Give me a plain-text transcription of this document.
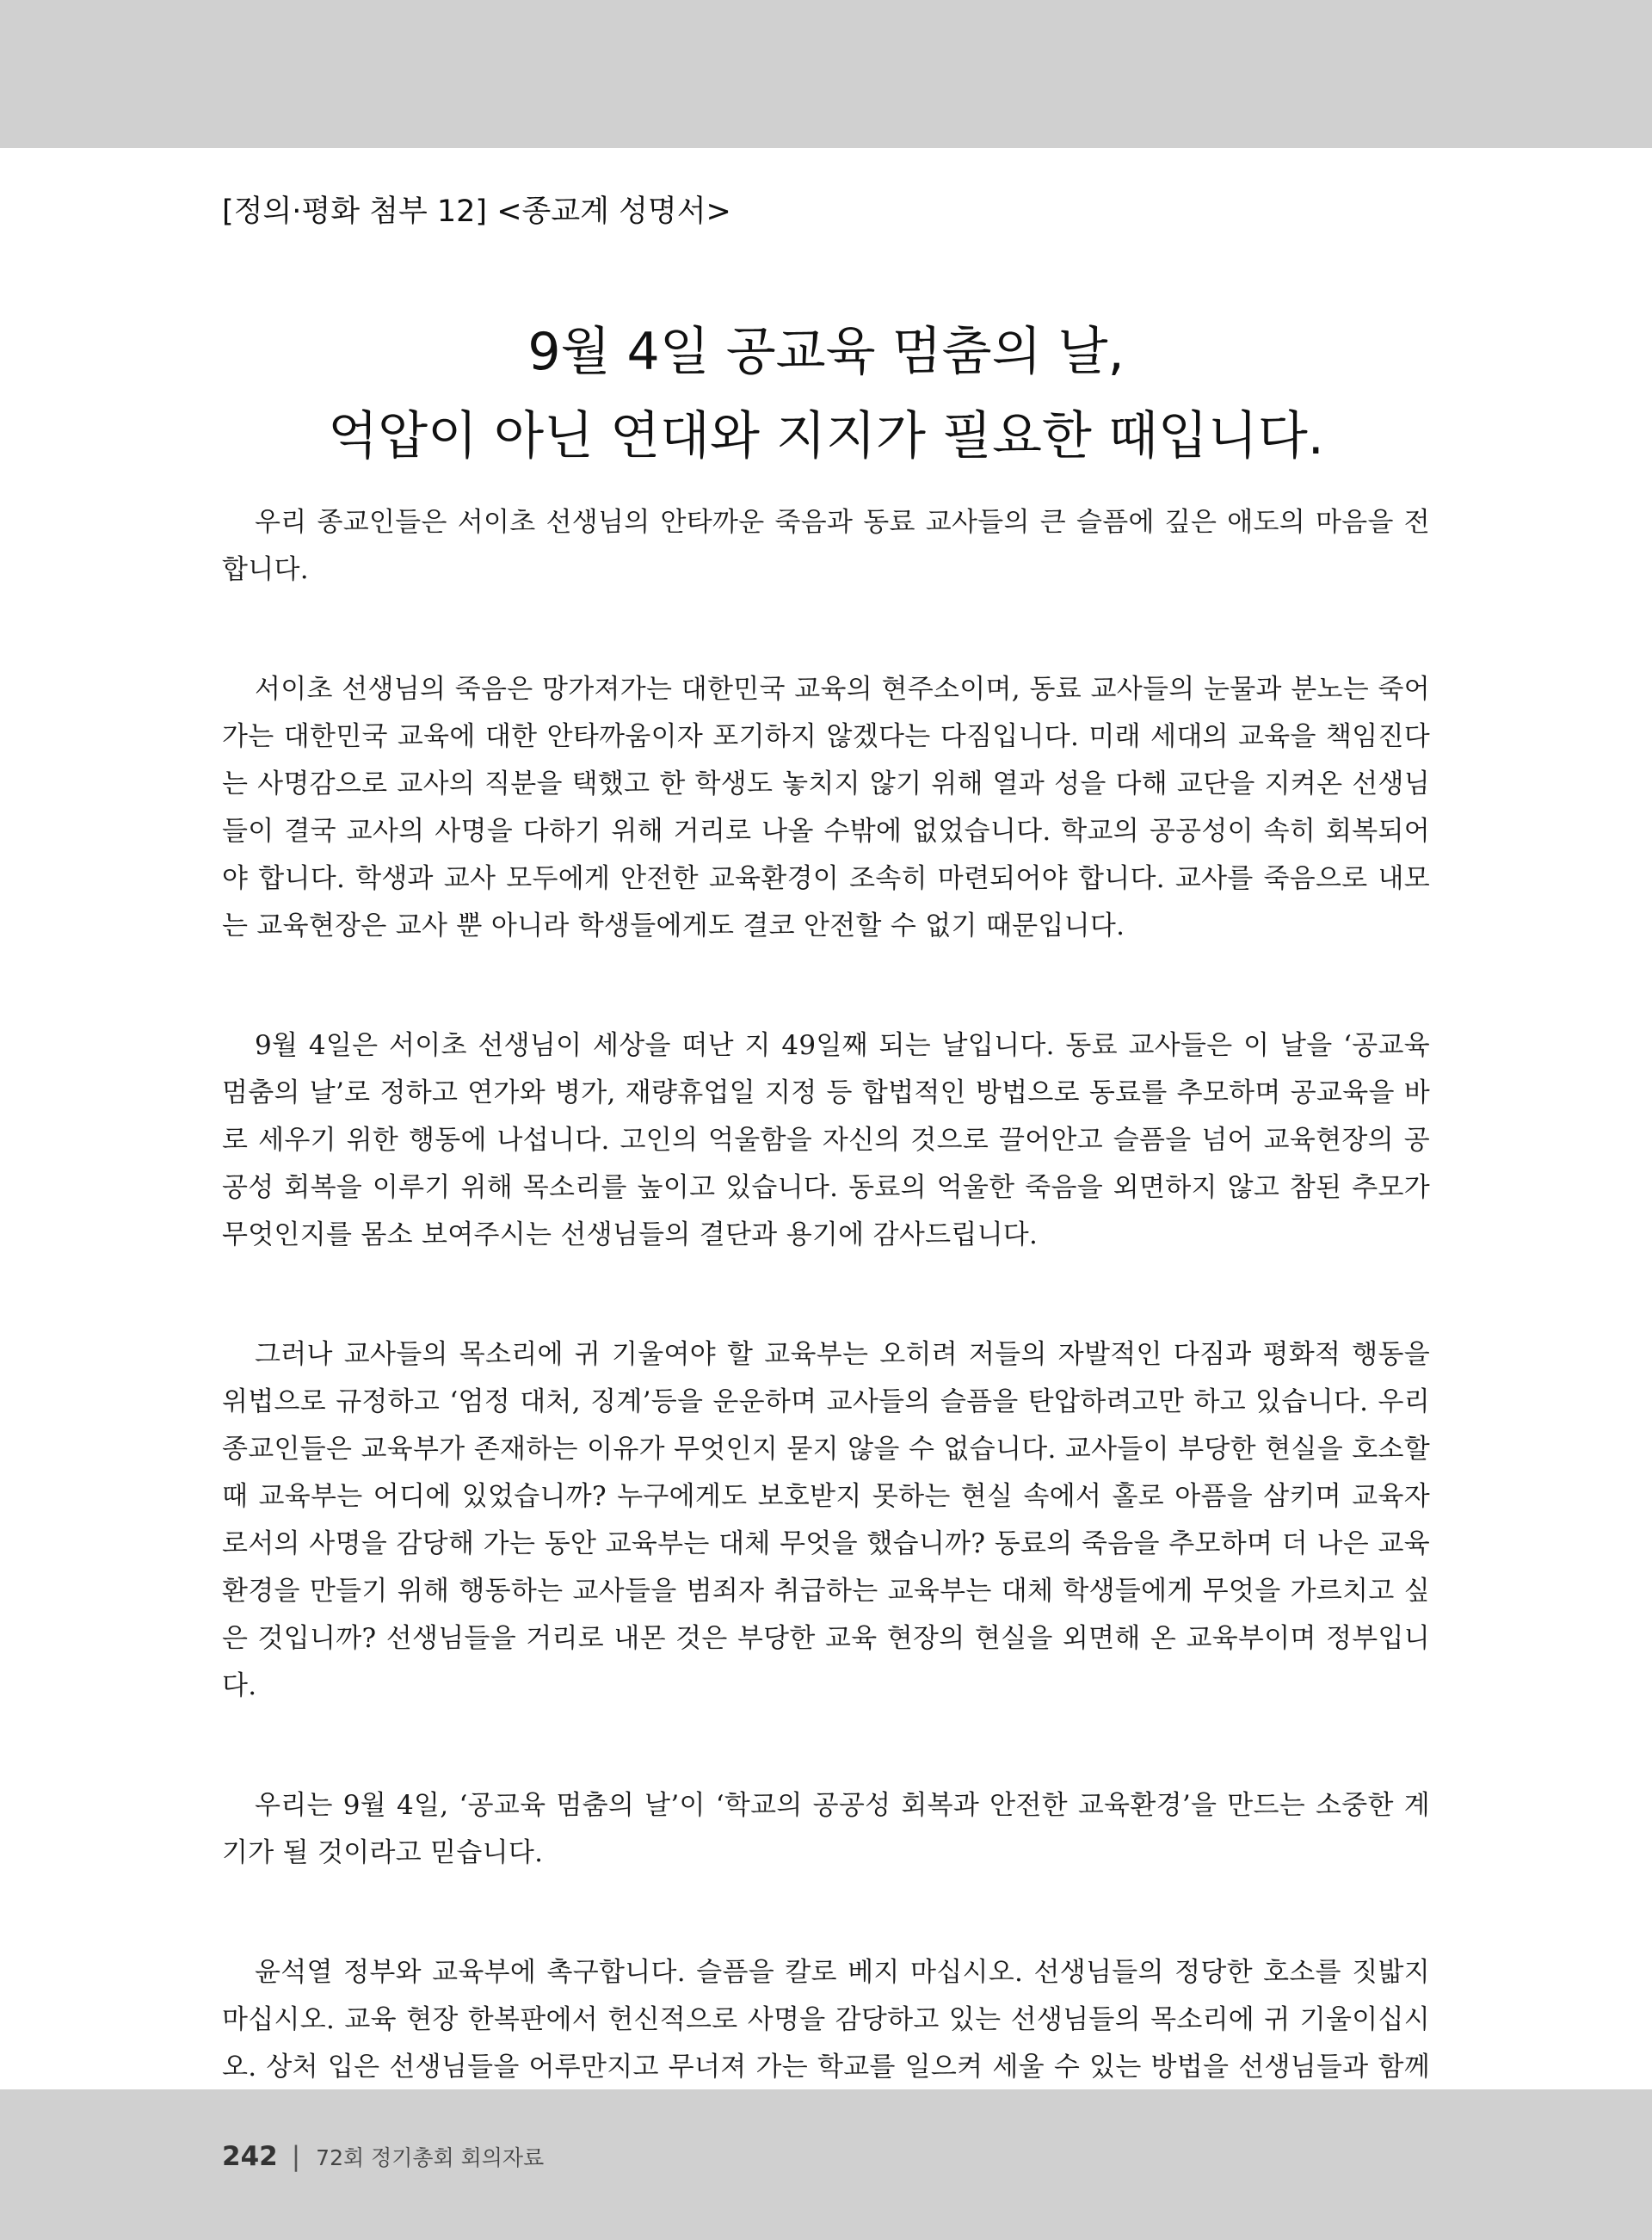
[정의·평화 첨부 12] <종교계 성명서>
9월 4일 공교육 멈춤의 날,
억압이 아닌 연대와 지지가 필요한 때입니다.

우리 종교인들은 서이초 선생님의 안타까운 죽음과 동료 교사들의 큰 슬픔에 깊은 애도의 마음을 전합니다.

서이초 선생님의 죽음은 망가져가는 대한민국 교육의 현주소이며, 동료 교사들의 눈물과 분노는 죽어가는 대한민국 교육에 대한 안타까움이자 포기하지 않겠다는 다짐입니다. 미래 세대의 교육을 책임진다는 사명감으로 교사의 직분을 택했고 한 학생도 놓치지 않기 위해 열과 성을 다해 교단을 지켜온 선생님들이 결국 교사의 사명을 다하기 위해 거리로 나올 수밖에 없었습니다. 학교의 공공성이 속히 회복되어야 합니다. 학생과 교사 모두에게 안전한 교육환경이 조속히 마련되어야 합니다. 교사를 죽음으로 내모는 교육현장은 교사 뿐 아니라 학생들에게도 결코 안전할 수 없기 때문입니다.

9월 4일은 서이초 선생님이 세상을 떠난 지 49일째 되는 날입니다. 동료 교사들은 이 날을 ‘공교육 멈춤의 날’로 정하고 연가와 병가, 재량휴업일 지정 등 합법적인 방법으로 동료를 추모하며 공교육을 바로 세우기 위한 행동에 나섭니다. 고인의 억울함을 자신의 것으로 끌어안고 슬픔을 넘어 교육현장의 공공성 회복을 이루기 위해 목소리를 높이고 있습니다. 동료의 억울한 죽음을 외면하지 않고 참된 추모가 무엇인지를 몸소 보여주시는 선생님들의 결단과 용기에 감사드립니다.

그러나 교사들의 목소리에 귀 기울여야 할 교육부는 오히려 저들의 자발적인 다짐과 평화적 행동을 위법으로 규정하고 ‘엄정 대처, 징계’등을 운운하며 교사들의 슬픔을 탄압하려고만 하고 있습니다. 우리 종교인들은 교육부가 존재하는 이유가 무엇인지 묻지 않을 수 없습니다. 교사들이 부당한 현실을 호소할 때 교육부는 어디에 있었습니까? 누구에게도 보호받지 못하는 현실 속에서 홀로 아픔을 삼키며 교육자로서의 사명을 감당해 가는 동안 교육부는 대체 무엇을 했습니까? 동료의 죽음을 추모하며 더 나은 교육 환경을 만들기 위해 행동하는 교사들을 범죄자 취급하는 교육부는 대체 학생들에게 무엇을 가르치고 싶은 것입니까? 선생님들을 거리로 내몬 것은 부당한 교육 현장의 현실을 외면해 온 교육부이며 정부입니다.

우리는 9월 4일, ‘공교육 멈춤의 날’이 ‘학교의 공공성 회복과 안전한 교육환경’을 만드는 소중한 계기가 될 것이라고 믿습니다.

윤석열 정부와 교육부에 촉구합니다. 슬픔을 칼로 베지 마십시오. 선생님들의 정당한 호소를 짓밟지 마십시오. 교육 현장 한복판에서 헌신적으로 사명을 감당하고 있는 선생님들의 목소리에 귀 기울이십시오. 상처 입은 선생님들을 어루만지고 무너져 가는 학교를 일으켜 세울 수 있는 방법을 선생님들과 함께

242 | 72회 정기총회 회의자료
